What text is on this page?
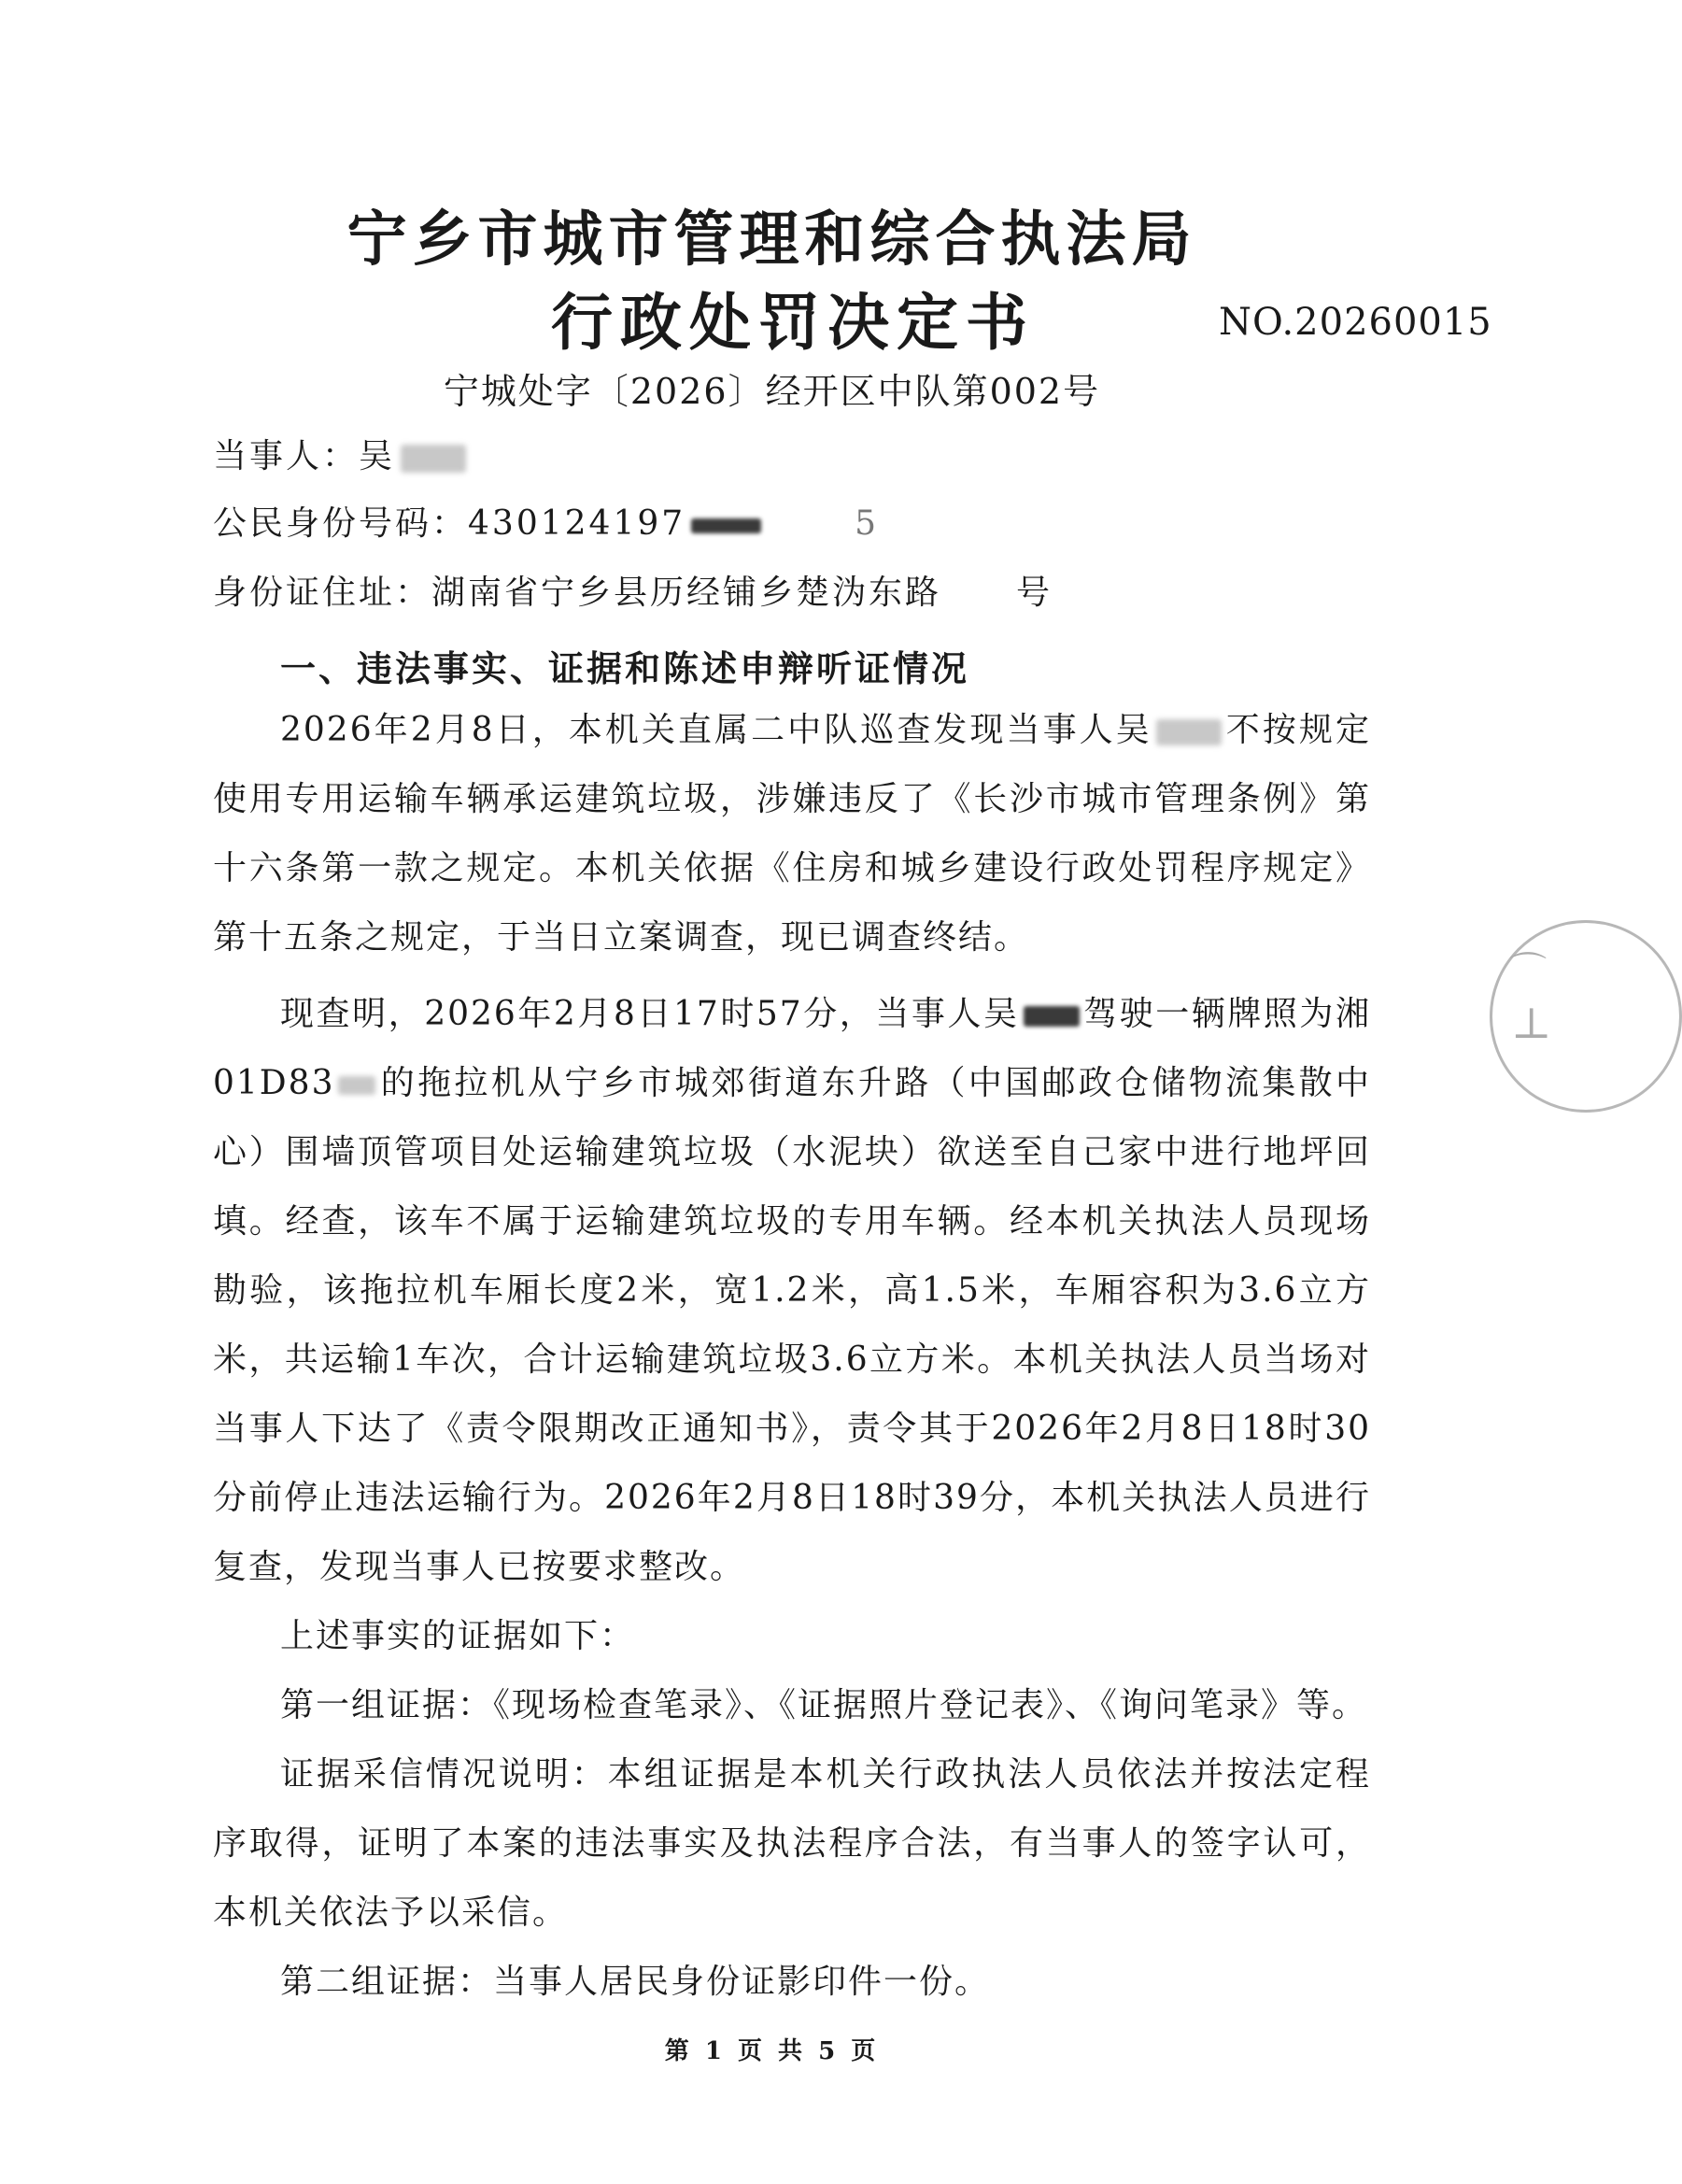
宁乡市城市管理和综合执法局
行政处罚决定书	NO.20260015
宁城处字〔2026〕经开区中队第002号
当事人：吴
公民身份号码：430124197	5
身份证住址：湖南省宁乡县历经铺乡楚沩东路 号
一、违法事实、证据和陈述申辩听证情况

2026年2月8日，本机关直属二中队巡查发现当事人吴 不按规定使用专用运输车辆承运建筑垃圾，涉嫌违反了《长沙市城市管理条例》第十六条第一款之规定。本机关依据《住房和城乡建设行政处罚程序规定》第十五条之规定，于当日立案调查，现已调查终结。

现查明，2026年2月8日17时57分，当事人吴 驾驶一辆牌照为湘01D83 的拖拉机从宁乡市城郊街道东升路（中国邮政仓储物流集散中心）围墙顶管项目处运输建筑垃圾（水泥块）欲送至自己家中进行地坪回填。经查，该车不属于运输建筑垃圾的专用车辆。经本机关执法人员现场勘验，该拖拉机车厢长度2米，宽1.2米，高1.5米，车厢容积为3.6立方米，共运输1车次，合计运输建筑垃圾3.6立方米。本机关执法人员当场对当事人下达了《责令限期改正通知书》，责令其于2026年2月8日18时30分前停止违法运输行为。2026年2月8日18时39分，本机关执法人员进行复查，发现当事人已按要求整改。

上述事实的证据如下：

第一组证据：《现场检查笔录》、《证据照片登记表》、《询问笔录》等。

证据采信情况说明：本组证据是本机关行政执法人员依法并按法定程序取得，证明了本案的违法事实及执法程序合法，有当事人的签字认可，本机关依法予以采信。

第二组证据：当事人居民身份证影印件一份。

⌒
⊥
第 1 页 共 5 页
